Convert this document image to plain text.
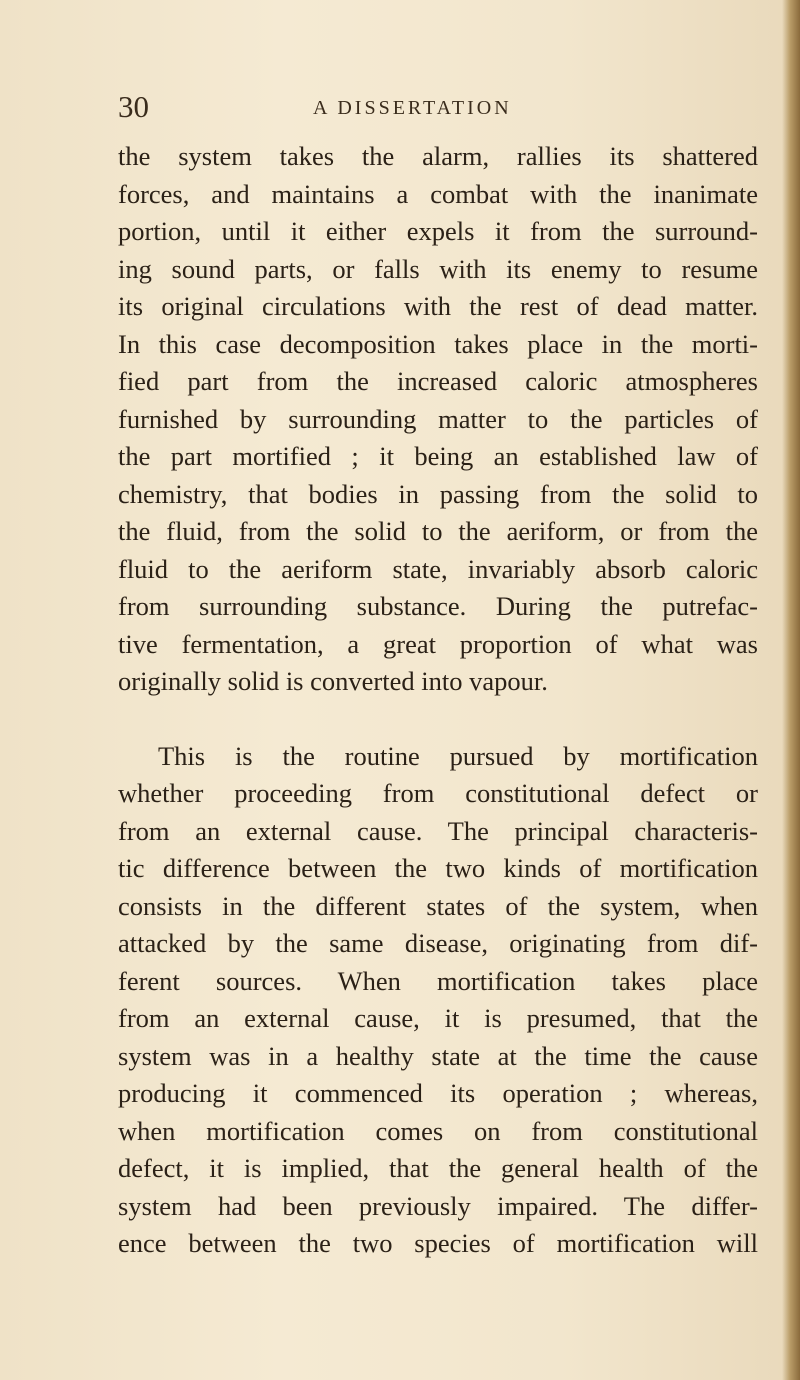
30	A DISSERTATION
the system takes the alarm, rallies its shattered
forces, and maintains a combat with the inanimate
portion, until it either expels it from the surround-
ing sound parts, or falls with its enemy to resume
its original circulations with the rest of dead matter.
In this case decomposition takes place in the morti-
fied part from the increased caloric atmospheres
furnished by surrounding matter to the particles of
the part mortified ; it being an established law of
chemistry, that bodies in passing from the solid to
the fluid, from the solid to the aeriform, or from the
fluid to the aeriform state, invariably absorb caloric
from surrounding substance. During the putrefac-
tive fermentation, a great proportion of what was
originally solid is converted into vapour.
This is the routine pursued by mortification
whether proceeding from constitutional defect or
from an external cause. The principal characteris-
tic difference between the two kinds of mortification
consists in the different states of the system, when
attacked by the same disease, originating from dif-
ferent sources. When mortification takes place
from an external cause, it is presumed, that the
system was in a healthy state at the time the cause
producing it commenced its operation ; whereas,
when mortification comes on from constitutional
defect, it is implied, that the general health of the
system had been previously impaired. The differ-
ence between the two species of mortification will
